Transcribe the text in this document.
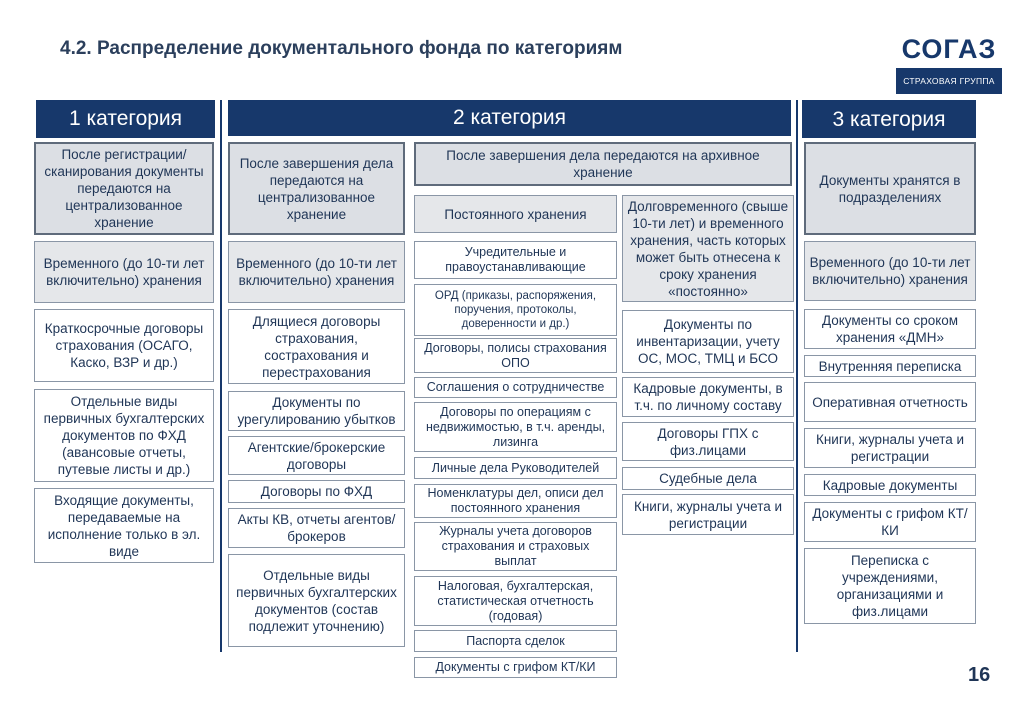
4.2. Распределение документального фонда по категориям	СОГАЗ
СТРАХОВАЯ ГРУППА
1 категория	2 категория	3 категория
После регистрации/ сканирования документы передаются на централизованное хранение
Временного (до 10-ти лет включительно) хранения
Краткосрочные договоры страхования (ОСАГО, Каско, ВЗР и др.)
Отдельные виды первичных бухгалтерских документов по ФХД (авансовые отчеты, путевые листы и др.)
Входящие документы, передаваемые на исполнение только в эл. виде
После завершения дела передаются на централизованное хранение
Временного (до 10-ти лет включительно) хранения
Длящиеся договоры страхования, сострахования и перестрахования
Документы по урегулированию убытков
Агентские/брокерские договоры
Договоры по ФХД
Акты КВ, отчеты агентов/брокеров
Отдельные виды первичных бухгалтерских документов (состав подлежит уточнению)
После завершения дела передаются на архивное хранение
Постоянного хранения
Учредительные и правоустанавливающие
ОРД (приказы, распоряжения, поручения, протоколы, доверенности и др.)
Договоры, полисы страхования ОПО
Соглашения о сотрудничестве
Договоры по операциям с недвижимостью, в т.ч. аренды, лизинга
Личные дела Руководителей
Номенклатуры дел, описи дел постоянного хранения
Журналы учета договоров страхования и страховых выплат
Налоговая, бухгалтерская, статистическая отчетность (годовая)
Паспорта сделок
Документы с грифом КТ/КИ
Долговременного (свыше 10-ти лет) и временного хранения, часть которых может быть отнесена к сроку хранения «постоянно»
Документы по инвентаризации, учету ОС, МОС, ТМЦ и БСО
Кадровые документы, в т.ч. по личному составу
Договоры ГПХ с физ.лицами
Судебные дела
Книги, журналы учета и регистрации
Документы хранятся в подразделениях
Временного (до 10-ти лет включительно) хранения
Документы со сроком хранения «ДМН»
Внутренняя переписка
Оперативная отчетность
Книги, журналы учета и регистрации
Кадровые документы
Документы с грифом КТ/КИ
Переписка с учреждениями, организациями и физ.лицами
16
